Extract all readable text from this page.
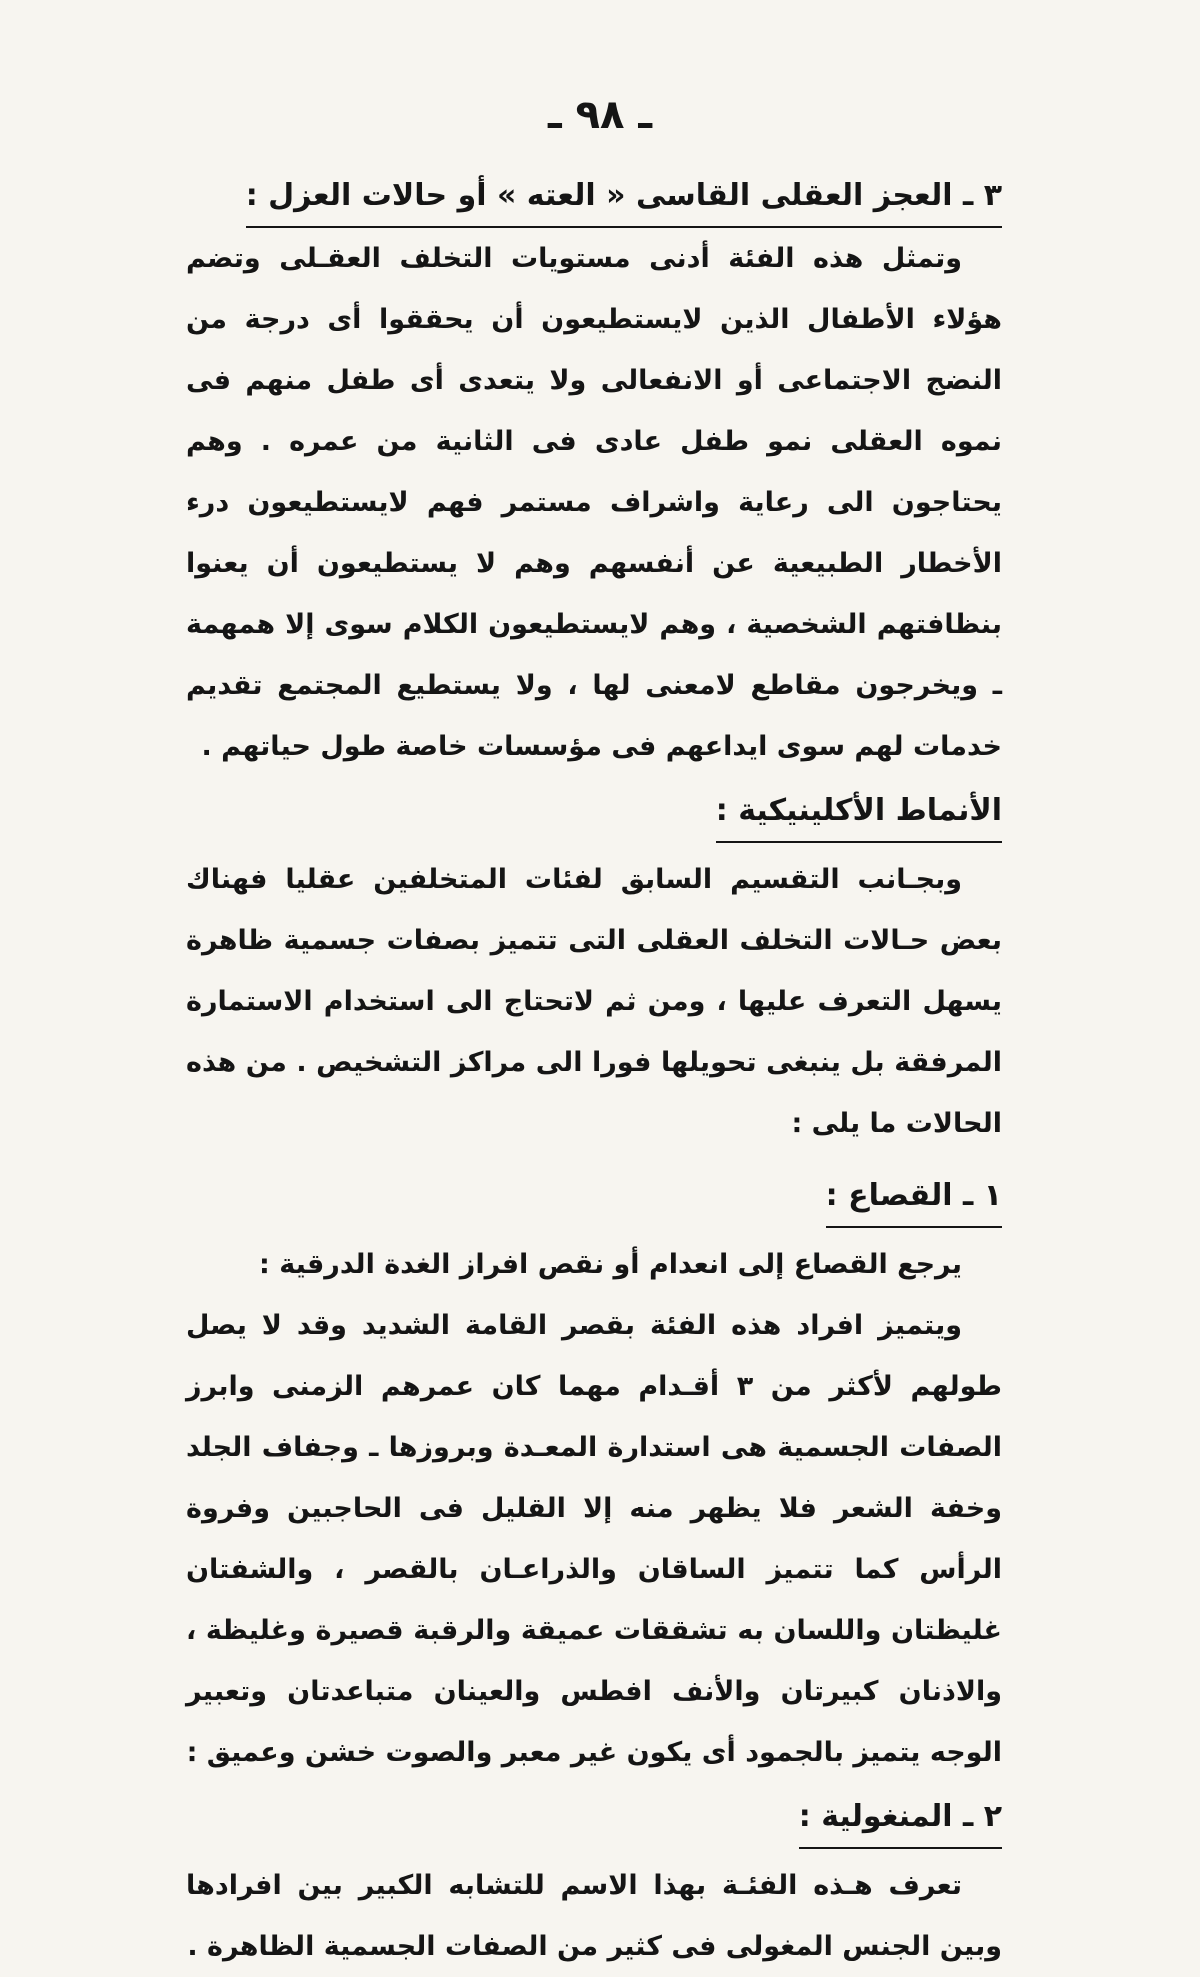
ـ ٩٨ ـ
٣ ـ العجز العقلى القاسى « العته » أو حالات العزل :

وتمثل هذه الفئة أدنى مستويات التخلف العقـلى وتضم هؤلاء الأطفال الذين لايستطيعون أن يحققوا أى درجة من النضج الاجتماعى أو الانفعالى ولا يتعدى أى طفل منهم فى نموه العقلى نمو طفل عادى فى الثانية من عمره . وهم يحتاجون الى رعاية واشراف مستمر فهم لايستطيعون درء الأخطار الطبيعية عن أنفسهم وهم لا يستطيعون أن يعنوا بنظافتهم الشخصية ، وهم لايستطيعون الكلام سوى إلا همهمة ـ ويخرجون مقاطع لامعنى لها ، ولا يستطيع المجتمع تقديم خدمات لهم سوى ايداعهم فى مؤسسات خاصة طول حياتهم .

الأنماط الأكلينيكية :

وبجـانب التقسيم السابق لفئات المتخلفين عقليا فهناك بعض حـالات التخلف العقلى التى تتميز بصفات جسمية ظاهرة يسهل التعرف عليها ، ومن ثم لاتحتاج الى استخدام الاستمارة المرفقة بل ينبغى تحويلها فورا الى مراكز التشخيص . من هذه الحالات ما يلى :

١ ـ القصاع :

يرجع القصاع إلى انعدام أو نقص افراز الغدة الدرقية :

ويتميز افراد هذه الفئة بقصر القامة الشديد وقد لا يصل طولهم لأكثر من ٣ أقـدام مهما كان عمرهم الزمنى وابرز الصفات الجسمية هى استدارة المعـدة وبروزها ـ وجفاف الجلد وخفة الشعر فلا يظهر منه إلا القليل فى الحاجبين وفروة الرأس كما تتميز الساقان والذراعـان بالقصر ، والشفتان غليظتان واللسان به تشققات عميقة والرقبة قصيرة وغليظة ، والاذنان كبيرتان والأنف افطس والعينان متباعدتان وتعبير الوجه يتميز بالجمود أى يكون غير معبر والصوت خشن وعميق :

٢ ـ المنغولية :

تعرف هـذه الفئـة بهذا الاسم للتشابه الكبير بين افرادها وبين الجنس المغولى فى كثير من الصفات الجسمية الظاهرة .
